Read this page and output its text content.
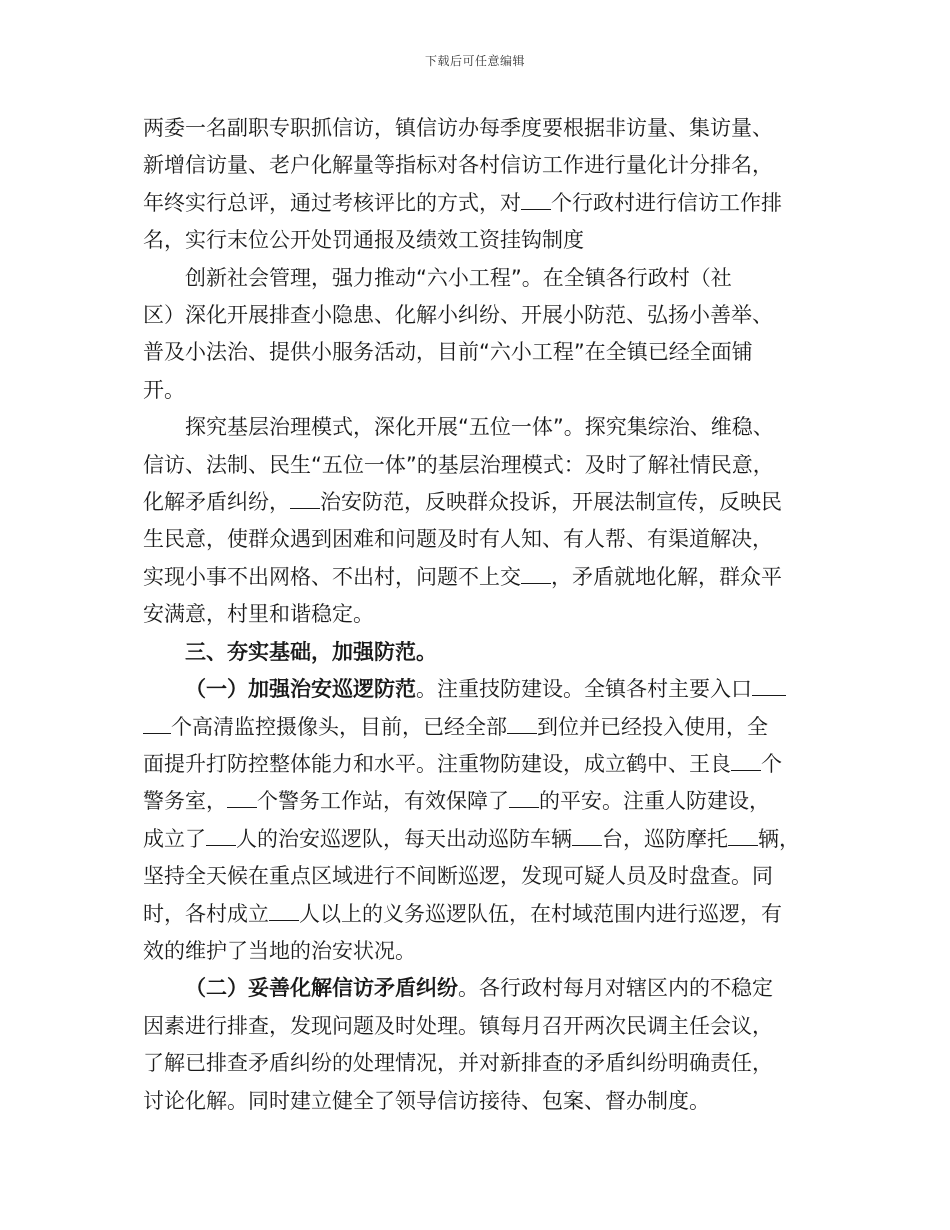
下载后可任意编辑
两委一名副职专职抓信访，镇信访办每季度要根据非访量、集访量、
新增信访量、老户化解量等指标对各村信访工作进行量化计分排名，
年终实行总评，通过考核评比的方式，对 个行政村进行信访工作排
名，实行末位公开处罚通报及绩效工资挂钩制度
创新社会管理，强力推动“六小工程”。在全镇各行政村（社
区）深化开展排查小隐患、化解小纠纷、开展小防范、弘扬小善举、
普及小法治、提供小服务活动，目前“六小工程”在全镇已经全面铺
开。
探究基层治理模式，深化开展“五位一体”。探究集综治、维稳、
信访、法制、民生“五位一体”的基层治理模式：及时了解社情民意，
化解矛盾纠纷， 治安防范，反映群众投诉，开展法制宣传，反映民
生民意，使群众遇到困难和问题及时有人知、有人帮、有渠道解决，
实现小事不出网格、不出村，问题不上交 ，矛盾就地化解，群众平
安满意，村里和谐稳定。
三、夯实基础，加强防范。
（一）加强治安巡逻防范。注重技防建设。全镇各村主要入口
个高清监控摄像头，目前，已经全部 到位并已经投入使用，全
面提升打防控整体能力和水平。注重物防建设，成立鹤中、王良 个
警务室， 个警务工作站，有效保障了 的平安。注重人防建设，
成立了 人的治安巡逻队，每天出动巡防车辆 台，巡防摩托 辆，
坚持全天候在重点区域进行不间断巡逻，发现可疑人员及时盘查。同
时，各村成立 人以上的义务巡逻队伍，在村域范围内进行巡逻，有
效的维护了当地的治安状况。
（二）妥善化解信访矛盾纠纷。各行政村每月对辖区内的不稳定
因素进行排查，发现问题及时处理。镇每月召开两次民调主任会议，
了解已排查矛盾纠纷的处理情况，并对新排查的矛盾纠纷明确责任，
讨论化解。同时建立健全了领导信访接待、包案、督办制度。
